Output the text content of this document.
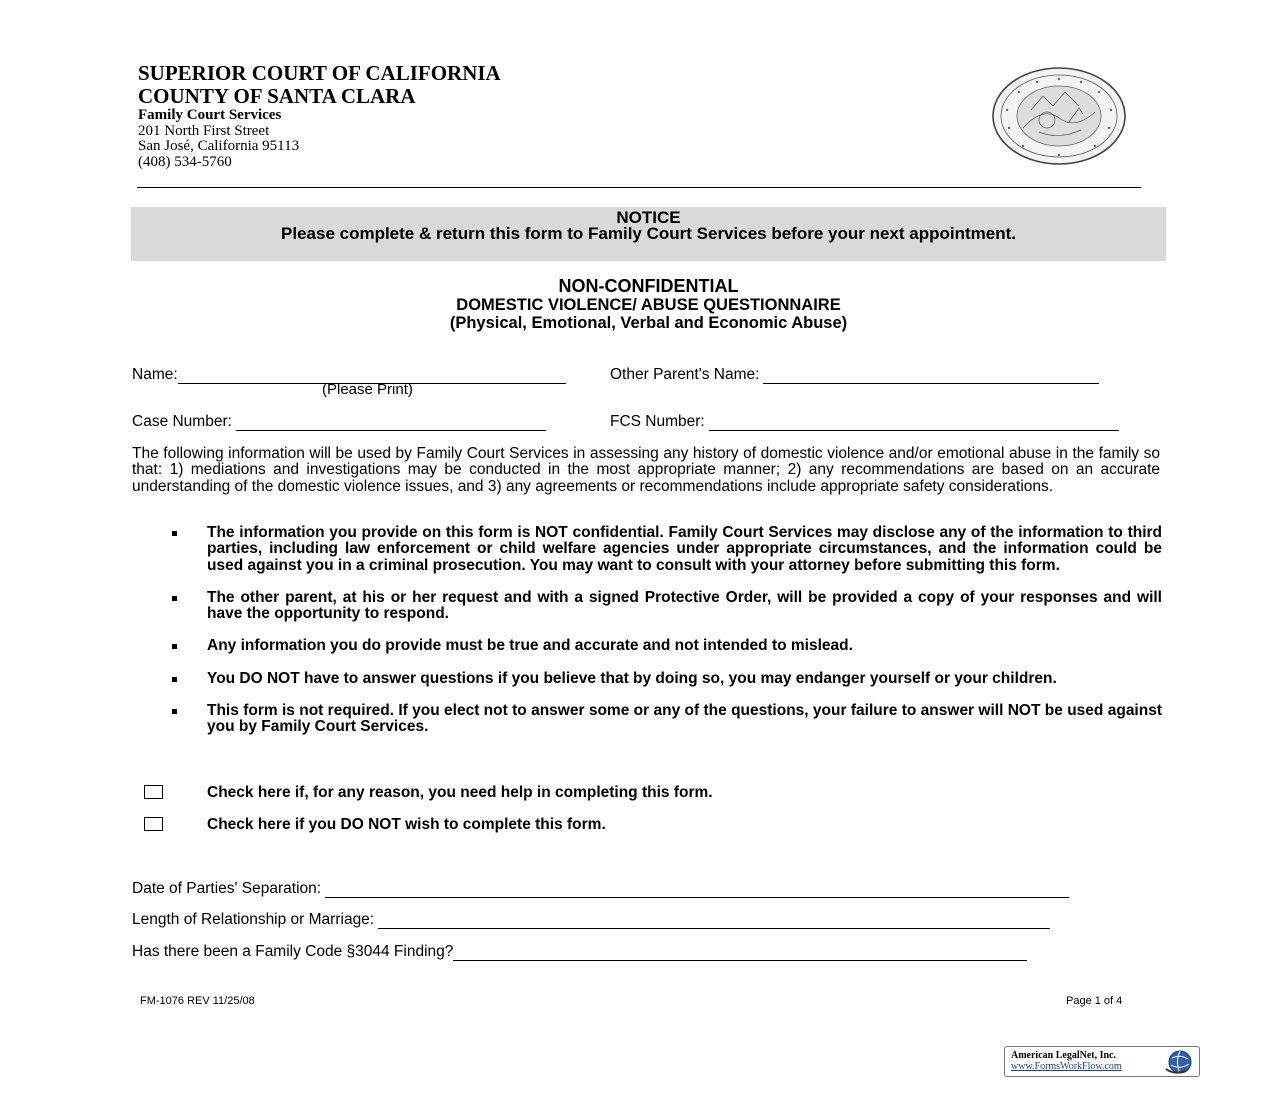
SUPERIOR COURT OF CALIFORNIA
COUNTY OF SANTA CLARA
Family Court Services
201 North First Street
San José, California 95113
(408) 534-5760
NOTICE
Please complete & return this form to Family Court Services before your next appointment.
NON-CONFIDENTIAL
DOMESTIC VIOLENCE/ ABUSE QUESTIONNAIRE
(Physical, Emotional, Verbal and Economic Abuse)
Name:
(Please Print)
Other Parent's Name:
Case Number:	FCS Number:
The following information will be used by Family Court Services in assessing any history of domestic violence and/or emotional abuse in the family so that: 1) mediations and investigations may be conducted in the most appropriate manner; 2) any recommendations are based on an accurate understanding of the domestic violence issues, and 3) any agreements or recommendations include appropriate safety considerations.
The information you provide on this form is NOT confidential. Family Court Services may disclose any of the information to third parties, including law enforcement or child welfare agencies under appropriate circumstances, and the information could be used against you in a criminal prosecution. You may want to consult with your attorney before submitting this form.
The other parent, at his or her request and with a signed Protective Order, will be provided a copy of your responses and will have the opportunity to respond.
Any information you do provide must be true and accurate and not intended to mislead.
You DO NOT have to answer questions if you believe that by doing so, you may endanger yourself or your children.
This form is not required. If you elect not to answer some or any of the questions, your failure to answer will NOT be used against you by Family Court Services.
Check here if, for any reason, you need help in completing this form.
Check here if you DO NOT wish to complete this form.
Date of Parties' Separation:
Length of Relationship or Marriage:
Has there been a Family Code §3044 Finding?
FM-1076 REV 11/25/08	Page 1 of 4
American LegalNet, Inc.
www.FormsWorkFlow.com
